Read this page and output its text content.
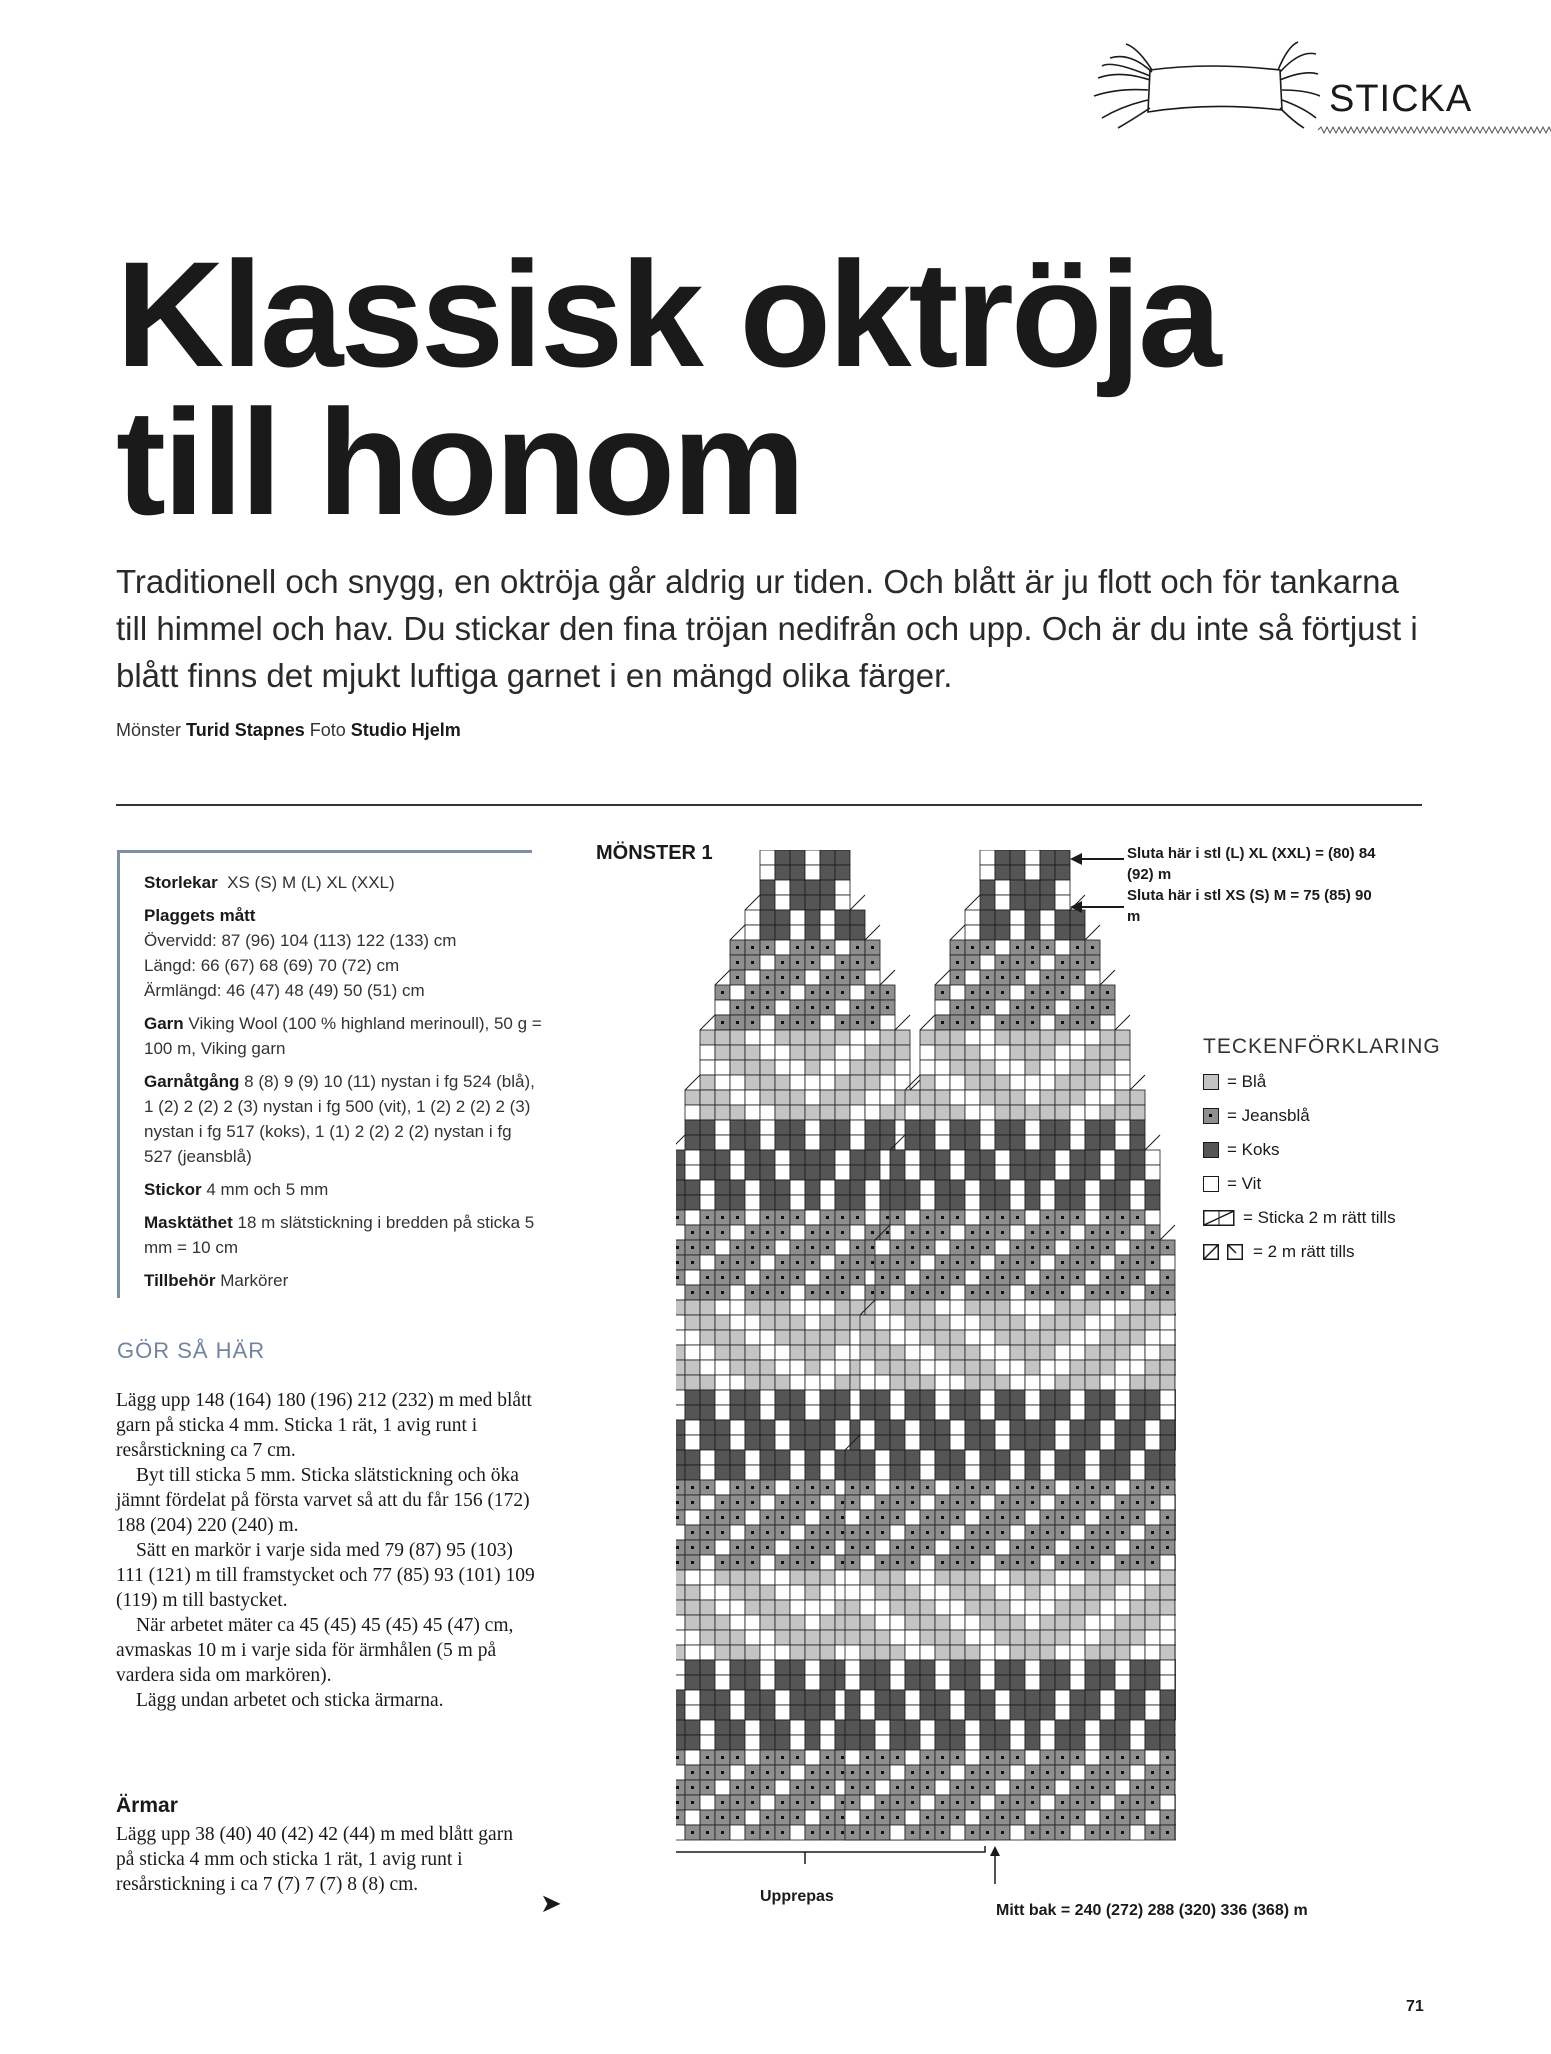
STICKA
Klassisk oktröja
till honom
Traditionell och snygg, en oktröja går aldrig ur tiden. Och blått är ju flott och för tankarna till himmel och hav. Du stickar den fina tröjan nedifrån och upp. Och är du inte så förtjust i blått finns det mjukt luftiga garnet i en mängd olika färger.
Mönster Turid Stapnes Foto Studio Hjelm

Storlekar XS (S) M (L) XL (XXL)

Plaggets mått

Övervidd: 87 (96) 104 (113) 122 (133) cm
Längd: 66 (67) 68 (69) 70 (72) cm

Ärmlängd: 46 (47) 48 (49) 50 (51) cm

Garn Viking Wool (100 % highland merinoull), 50 g = 100 m, Viking garn

Garnåtgång 8 (8) 9 (9) 10 (11) nystan i fg 524 (blå), 1 (2) 2 (2) 2 (3) nystan i fg 500 (vit), 1 (2) 2 (2) 2 (3) nystan i fg 517 (koks), 1 (1) 2 (2) 2 (2) nystan i fg 527 (jeansblå)

Stickor 4 mm och 5 mm

Masktäthet 18 m slätstickning i bredden på sticka 5 mm = 10 cm

Tillbehör Markörer

GÖR SÅ HÄR

Lägg upp 148 (164) 180 (196) 212 (232) m med blått garn på sticka 4 mm. Sticka 1 rät, 1 avig runt i resårstickning ca 7 cm.

Byt till sticka 5 mm. Sticka slätstickning och öka jämnt fördelat på första varvet så att du får 156 (172) 188 (204) 220 (240) m.

Sätt en markör i varje sida med 79 (87) 95 (103) 111 (121) m till framstycket och 77 (85) 93 (101) 109 (119) m till bastycket.

När arbetet mäter ca 45 (45) 45 (45) 45 (47) cm, avmaskas 10 m i varje sida för ärmhålen (5 m på vardera sida om markören).

Lägg undan arbetet och sticka ärmarna.

Ärmar
Lägg upp 38 (40) 40 (42) 42 (44) m med blått garn på sticka 4 mm och sticka 1 rät, 1 avig runt i resårstickning i ca 7 (7) 7 (7) 8 (8) cm.
➤
MÖNSTER 1	Sluta här i stl (L) XL (XXL) = (80) 84 (92) m
Sluta här i stl XS (S) M = 75 (85) 90 m
TECKENFÖRKLARING
= Blå
= Jeansblå
= Koks
= Vit
= Sticka 2 m rätt tills
= 2 m rätt tills
Upprepas
Mitt bak = 240 (272) 288 (320) 336 (368) m
71
